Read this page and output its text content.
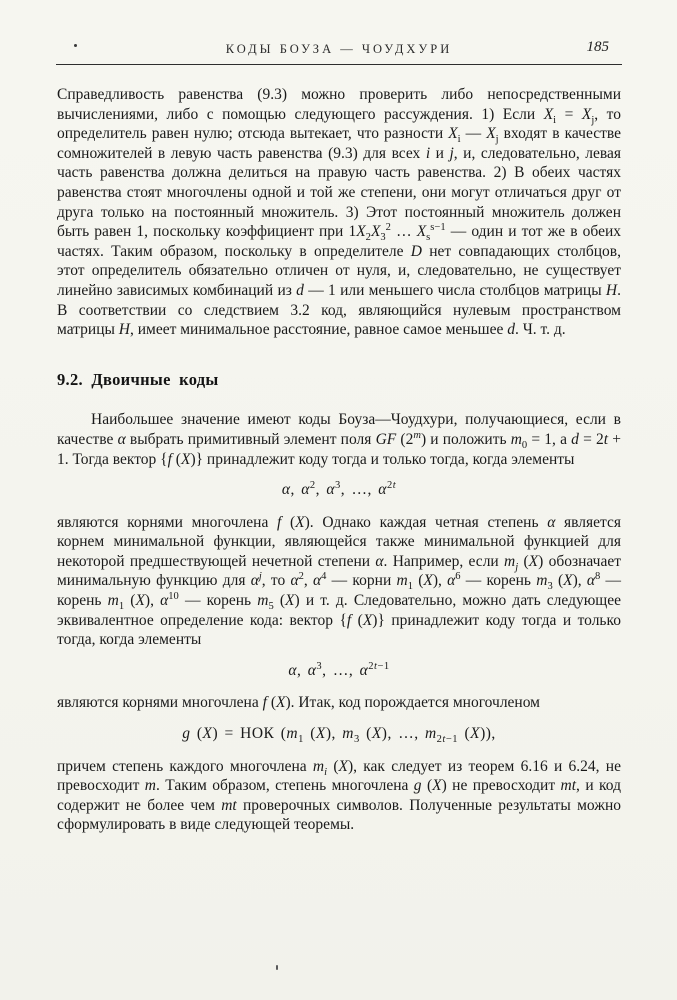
КОДЫ БОУЗА — ЧОУДХУРИ	185

Справедливость равенства (9.3) можно проверить либо непосредственными вычислениями, либо с помощью следующего рассуждения. 1) Если $X_i = X_j$, то определитель равен нулю; отсюда вытекает, что разности $X_i$ — $X_j$ входят в качестве сомножителей в левую часть равенства (9.3) для всех i и j, и, следовательно, левая часть равенства должна делиться на правую часть равенства. 2) В обеих частях равенства стоят многочлены одной и той же степени, они могут отличаться друг от друга только на постоянный множитель. 3) Этот постоянный множитель должен быть равен 1, поскольку коэффициент при $1X_2X_3^2$ … $X_s^{s-1}$ — один и тот же в обеих частях. Таким образом, поскольку в определителе D нет совпадающих столбцов, этот определитель обязательно отличен от нуля, и, следовательно, не существует линейно зависимых комбинаций из d — 1 или меньшего числа столбцов матрицы H. В соответствии со следствием 3.2 код, являющийся нулевым пространством матрицы H, имеет минимальное расстояние, равное самое меньшее d. Ч. т. д.

9.2. Двоичные коды

Наибольшее значение имеют коды Боуза—Чоудхури, получающиеся, если в качестве α выбрать примитивный элемент поля GF (2$^m$) и положить $m_0 = 1$, а d = 2t + 1. Тогда вектор {f (X)} принадлежит коду тогда и только тогда, когда элементы

α, $\alpha^2$, $\alpha^3$, …, $\alpha^{2t}$

являются корнями многочлена f (X). Однако каждая четная степень α является корнем минимальной функции, являющейся также минимальной функцией для некоторой предшествующей нечетной степени α. Например, если $m_j$ (X) обозначает минимальную функцию для $\alpha^j$, то $\alpha^2$, $\alpha^4$ — корни $m_1$ (X), $\alpha^6$ — корень $m_3$ (X), $\alpha^8$ — корень $m_1$ (X), $\alpha^{10}$ — корень $m_5$ (X) и т. д. Следовательно, можно дать следующее эквивалентное определение кода: вектор {f (X)} принадлежит коду тогда и только тогда, когда элементы

α, $\alpha^3$, …, $\alpha^{2t-1}$

являются корнями многочлена f (X). Итак, код порождается многочленом

g (X) = НОК ($m_1$ (X), $m_3$ (X), …, $m_{2t-1}$ (X)),

причем степень каждого многочлена $m_i$ (X), как следует из теорем 6.16 и 6.24, не превосходит m. Таким образом, степень многочлена g (X) не превосходит mt, и код содержит не более чем mt проверочных символов. Полученные результаты можно сформулировать в виде следующей теоремы.
